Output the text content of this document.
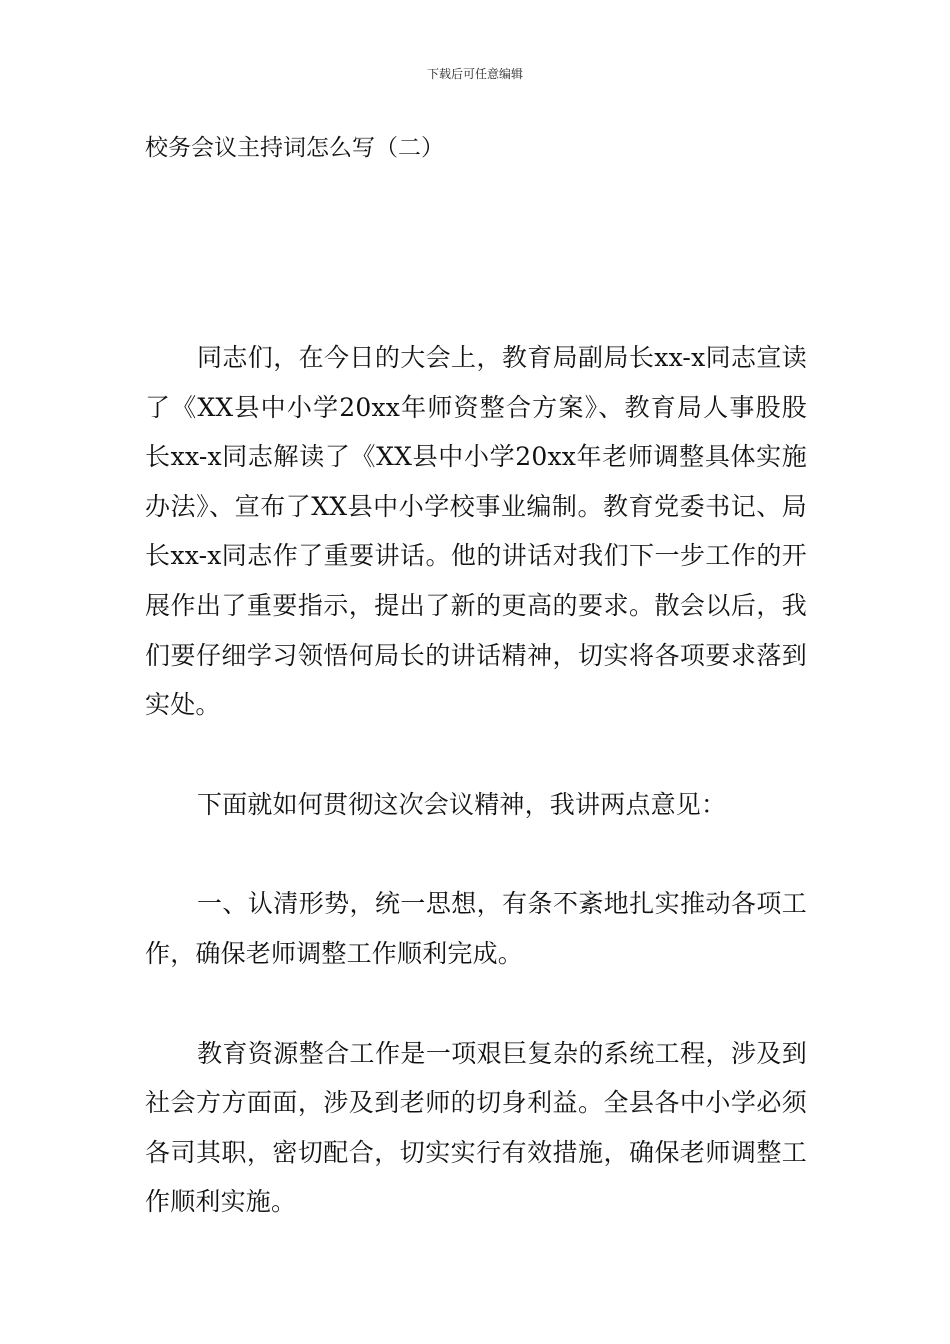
下载后可任意编辑
校务会议主持词怎么写（二）

同志们，在今日的大会上，教育局副局长xx-x同志宣读了《XX县中小学20xx年师资整合方案》、教育局人事股股长xx-x同志解读了《XX县中小学20xx年老师调整具体实施办法》、宣布了XX县中小学校事业编制。教育党委书记、局长xx-x同志作了重要讲话。他的讲话对我们下一步工作的开展作出了重要指示，提出了新的更高的要求。散会以后，我们要仔细学习领悟何局长的讲话精神，切实将各项要求落到实处。

下面就如何贯彻这次会议精神，我讲两点意见：

一、认清形势，统一思想，有条不紊地扎实推动各项工作，确保老师调整工作顺利完成。

教育资源整合工作是一项艰巨复杂的系统工程，涉及到社会方方面面，涉及到老师的切身利益。全县各中小学必须各司其职，密切配合，切实实行有效措施，确保老师调整工作顺利实施。
